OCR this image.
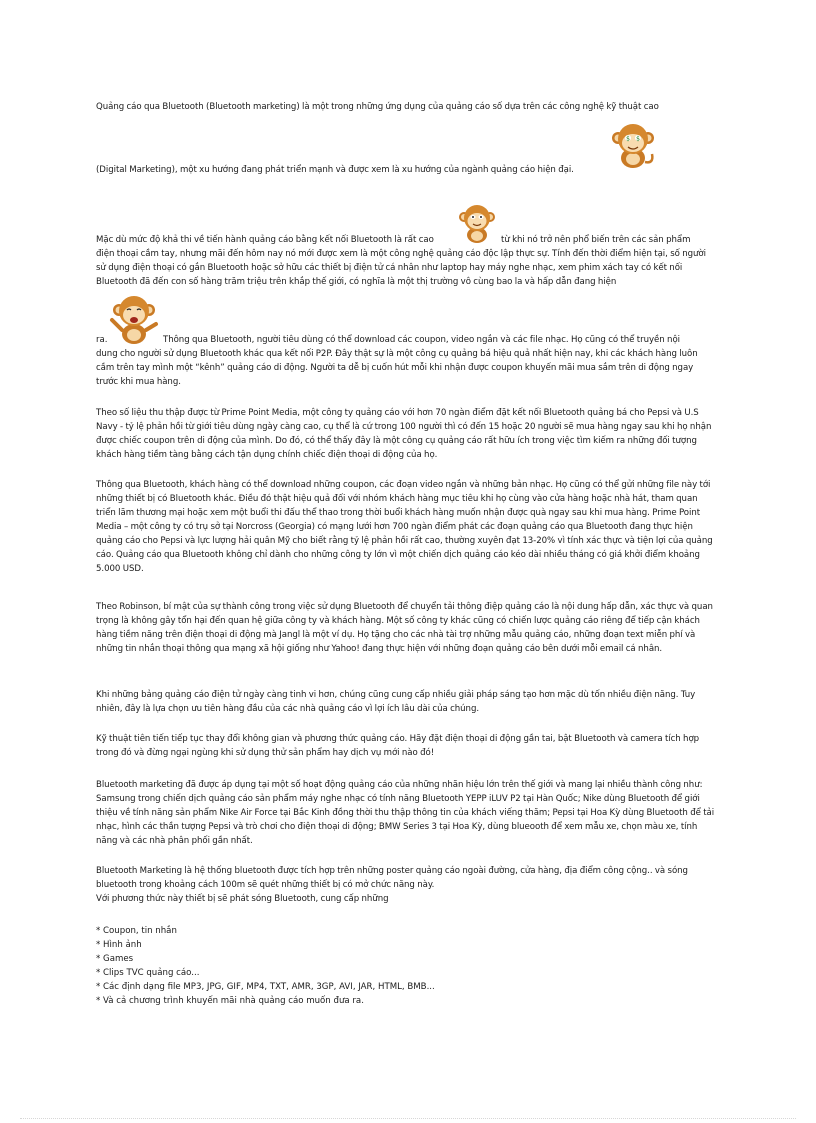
Quảng cáo qua Bluetooth (Bluetooth marketing) là một trong những ứng dụng của quảng cáo số dựa trên các công nghệ kỹ thuật cao
$ $
(Digital Marketing), một xu hướng đang phát triển mạnh và được xem là xu hướng của ngành quảng cáo hiện đại.
Mặc dù mức độ khả thi về tiến hành quảng cáo bằng kết nối Bluetooth là rất cao	từ khi nó trở nên phổ biến trên các sản phẩm

điện thoại cầm tay, nhưng mãi đến hôm nay nó mới được xem là một công nghệ quảng cáo độc lập thực sự. Tính đến thời điểm hiện tại, số người sử dụng điện thoại có gắn Bluetooth hoặc sở hữu các thiết bị điện tử cá nhân như laptop hay máy nghe nhạc, xem phim xách tay có kết nối Bluetooth đã đến con số hàng trăm triệu trên khắp thế giới, có nghĩa là một thị trường vô cùng bao la và hấp dẫn đang hiện

ra.	Thông qua Bluetooth, người tiêu dùng có thể download các coupon, video ngắn và các file nhạc. Họ cũng có thể truyền nội

dung cho người sử dụng Bluetooth khác qua kết nối P2P. Đây thật sự là một công cụ quảng bá hiệu quả nhất hiện nay, khi các khách hàng luôn cầm trên tay mình một “kênh” quảng cáo di động. Người ta dễ bị cuốn hút mỗi khi nhận được coupon khuyến mãi mua sắm trên di động ngay trước khi mua hàng.

Theo số liệu thu thập được từ Prime Point Media, một công ty quảng cáo với hơn 70 ngàn điểm đặt kết nối Bluetooth quảng bá cho Pepsi và U.S Navy - tỷ lệ phản hồi từ giới tiêu dùng ngày càng cao, cụ thể là cứ trong 100 người thì có đến 15 hoặc 20 người sẽ mua hàng ngay sau khi họ nhận được chiếc coupon trên di động của mình. Do đó, có thể thấy đây là một công cụ quảng cáo rất hữu ích trong việc tìm kiếm ra những đối tượng khách hàng tiềm tàng bằng cách tận dụng chính chiếc điện thoại di động của họ.

Thông qua Bluetooth, khách hàng có thể download những coupon, các đoạn video ngắn và những bản nhạc. Họ cũng có thể gửi những file này tới những thiết bị có Bluetooth khác. Điều đó thật hiệu quả đối với nhóm khách hàng mục tiêu khi họ cùng vào cửa hàng hoặc nhà hát, tham quan triển lãm thương mại hoặc xem một buổi thi đấu thể thao trong thời buổi khách hàng muốn nhận được quà ngay sau khi mua hàng. Prime Point Media – một công ty có trụ sở tại Norcross (Georgia) có mạng lưới hơn 700 ngàn điểm phát các đoạn quảng cáo qua Bluetooth đang thực hiện quảng cáo cho Pepsi và lực lượng hải quân Mỹ cho biết rằng tỷ lệ phản hồi rất cao, thường xuyên đạt 13-20% vì tính xác thực và tiện lợi của quảng cáo. Quảng cáo qua Bluetooth không chỉ dành cho những công ty lớn vì một chiến dịch quảng cáo kéo dài nhiều tháng có giá khởi điểm khoảng 5.000 USD.

Theo Robinson, bí mật của sự thành công trong việc sử dụng Bluetooth để chuyển tải thông điệp quảng cáo là nội dung hấp dẫn, xác thực và quan trọng là không gây tổn hại đến quan hệ giữa công ty và khách hàng. Một số công ty khác cũng có chiến lược quảng cáo riêng để tiếp cận khách hàng tiềm năng trên điện thoại di động mà Jangl là một ví dụ. Họ tặng cho các nhà tài trợ những mẫu quảng cáo, những đoạn text miễn phí và những tin nhắn thoại thông qua mạng xã hội giống như Yahoo! đang thực hiện với những đoạn quảng cáo bên dưới mỗi email cá nhân.

Khi những bảng quảng cáo điện tử ngày càng tinh vi hơn, chúng cũng cung cấp nhiều giải pháp sáng tạo hơn mặc dù tốn nhiều điện năng. Tuy nhiên, đây là lựa chọn ưu tiên hàng đầu của các nhà quảng cáo vì lợi ích lâu dài của chúng.

Kỹ thuật tiên tiến tiếp tục thay đổi không gian và phương thức quảng cáo. Hãy đặt điện thoại di động gần tai, bật Bluetooth và camera tích hợp trong đó và đừng ngại ngùng khi sử dụng thử sản phẩm hay dịch vụ mới nào đó!

Bluetooth marketing đã được áp dụng tại một số hoạt động quảng cáo của những nhãn hiệu lớn trên thế giới và mang lại nhiều thành công như: Samsung trong chiến dịch quảng cáo sản phẩm máy nghe nhạc có tính năng Bluetooth YEPP iLUV P2 tại Hàn Quốc; Nike dùng Bluetooth để giới thiệu về tính năng sản phẩm Nike Air Force tại Bắc Kinh đồng thời thu thập thông tin của khách viếng thăm; Pepsi tại Hoa Kỳ dùng Bluetooth để tải nhạc, hình các thần tượng Pepsi và trò chơi cho điện thoại di động; BMW Series 3 tại Hoa Kỳ, dùng blueooth để xem mẫu xe, chọn màu xe, tính năng và các nhà phân phối gần nhất.

Bluetooth Marketing là hệ thống bluetooth được tích hợp trên những poster quảng cáo ngoài đường, cửa hàng, địa điểm công cộng.. và sóng bluetooth trong khoảng cách 100m sẽ quét những thiết bị có mở chức năng này.

Với phương thức này thiết bị sẽ phát sóng Bluetooth, cung cấp những
* Coupon, tin nhắn
* Hình ảnh
* Games
* Clips TVC quảng cáo...
* Các định dạng file MP3, JPG, GIF, MP4, TXT, AMR, 3GP, AVI, JAR, HTML, BMB...
* Và cả chương trình khuyến mãi nhà quảng cáo muốn đưa ra.
